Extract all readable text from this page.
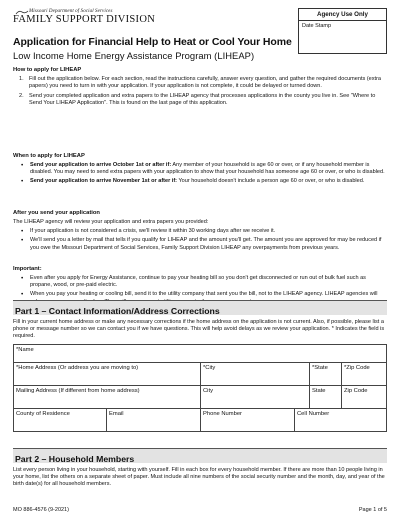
Missouri Department of Social Services
FAMILY SUPPORT DIVISION	Agency Use Only
Date Stamp
Application for Financial Help to Heat or Cool Your Home
Low Income Home Energy Assistance Program (LIHEAP)
How to apply for LIHEAP
1. Fill out the application below. For each section, read the instructions carefully, answer every question, and gather the required documents (extra papers) you need to turn in with your application. If your application is not complete, it could be delayed or turned down.
2. Send your completed application and extra papers to the LIHEAP agency that processes applications in the county you live in. See "Where to Send Your LIHEAP Application". This is found on the last page of this application.
When to apply for LIHEAP
• Send your application to arrive October 1st or after if: Any member of your household is age 60 or over, or if any household member is disabled. You may need to send extra papers with your application to show that your household has someone age 60 or over, or who is disabled.
• Send your application to arrive November 1st or after if: Your household doesn't include a person age 60 or over, or who is disabled.
After you send your application
The LIHEAP agency will review your application and extra papers you provided:
• If your application is not considered a crisis, we'll review it within 30 working days after we receive it.
• We'll send you a letter by mail that tells if you qualify for LIHEAP and the amount you'll get. The amount you are approved for may be reduced if you owe the Missouri Department of Social Services, Family Support Division LIHEAP any overpayments from previous years.
Important:
• Even after you apply for Energy Assistance, continue to pay your heating bill so you don't get disconnected or run out of bulk fuel such as propane, wood, or pre-paid electric.
• When you pay your heating or cooling bill, send it to the utility company that sent you the bill, not to the LIHEAP agency. LIHEAP agencies will
Part 1 – Contact Information/Address Corrections
Fill in your current home address or make any necessary corrections if the home address on the application is not current. Also, if possible, please list a phone or message number so we can contact you if we have questions. This will help avoid delays as we review your application. * Indicates the field is required.
*Name					
*Home Address (Or address you are moving to)		*City		*State	*Zip Code
Mailing Address (If different from home address)		City		State	Zip Code
County of Residence	Email	Phone Number	Cell Number		
Part 2 – Household Members
List every person living in your household, starting with yourself. Fill in each box for every household member. If there are more than 10 people living in your home, list the others on a separate sheet of paper. Must include all nine numbers of the social security number and the month, day, and year of the birth date(s) for all household members.
MO 886-4576 (9-2021)	Page 1 of 5
